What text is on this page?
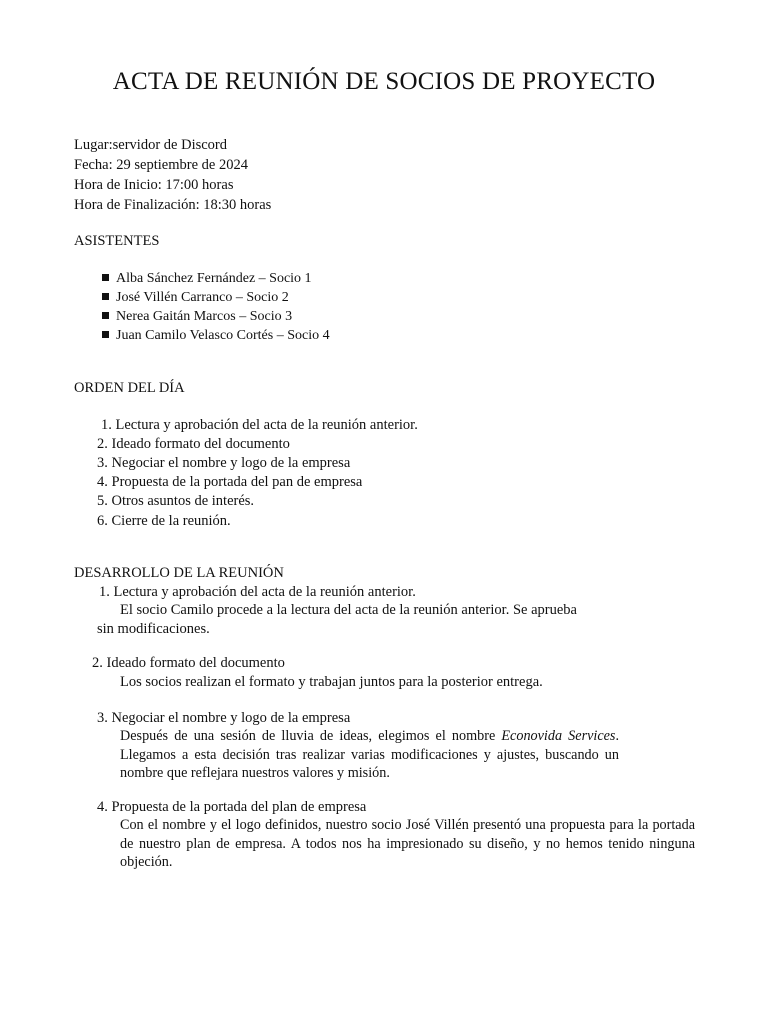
ACTA DE REUNIÓN DE SOCIOS DE PROYECTO
Lugar:servidor de Discord
Fecha: 29 septiembre de 2024
Hora de Inicio: 17:00 horas
Hora de Finalización: 18:30 horas
ASISTENTES
Alba Sánchez Fernández – Socio 1
José Villén Carranco – Socio 2
Nerea Gaitán Marcos – Socio 3
Juan Camilo Velasco Cortés – Socio 4
ORDEN DEL DÍA
1. Lectura y aprobación del acta de la reunión anterior.
2. Ideado formato del documento
3. Negociar el nombre y logo de la empresa
4. Propuesta de la portada del pan de empresa
5. Otros asuntos de interés.
6. Cierre de la reunión.
DESARROLLO DE LA REUNIÓN
1. Lectura y aprobación del acta de la reunión anterior.
El socio Camilo procede a la lectura del acta de la reunión anterior. Se aprueba
sin modificaciones.
2. Ideado formato del documento
Los socios realizan el formato y trabajan juntos para la posterior entrega.
3. Negociar el nombre y logo de la empresa
Después de una sesión de lluvia de ideas, elegimos el nombre Econovida Services. Llegamos a esta decisión tras realizar varias modificaciones y ajustes, buscando un nombre que reflejara nuestros valores y misión.
4. Propuesta de la portada del plan de empresa
Con el nombre y el logo definidos, nuestro socio José Villén presentó una propuesta para la portada de nuestro plan de empresa. A todos nos ha impresionado su diseño, y no hemos tenido ninguna objeción.
